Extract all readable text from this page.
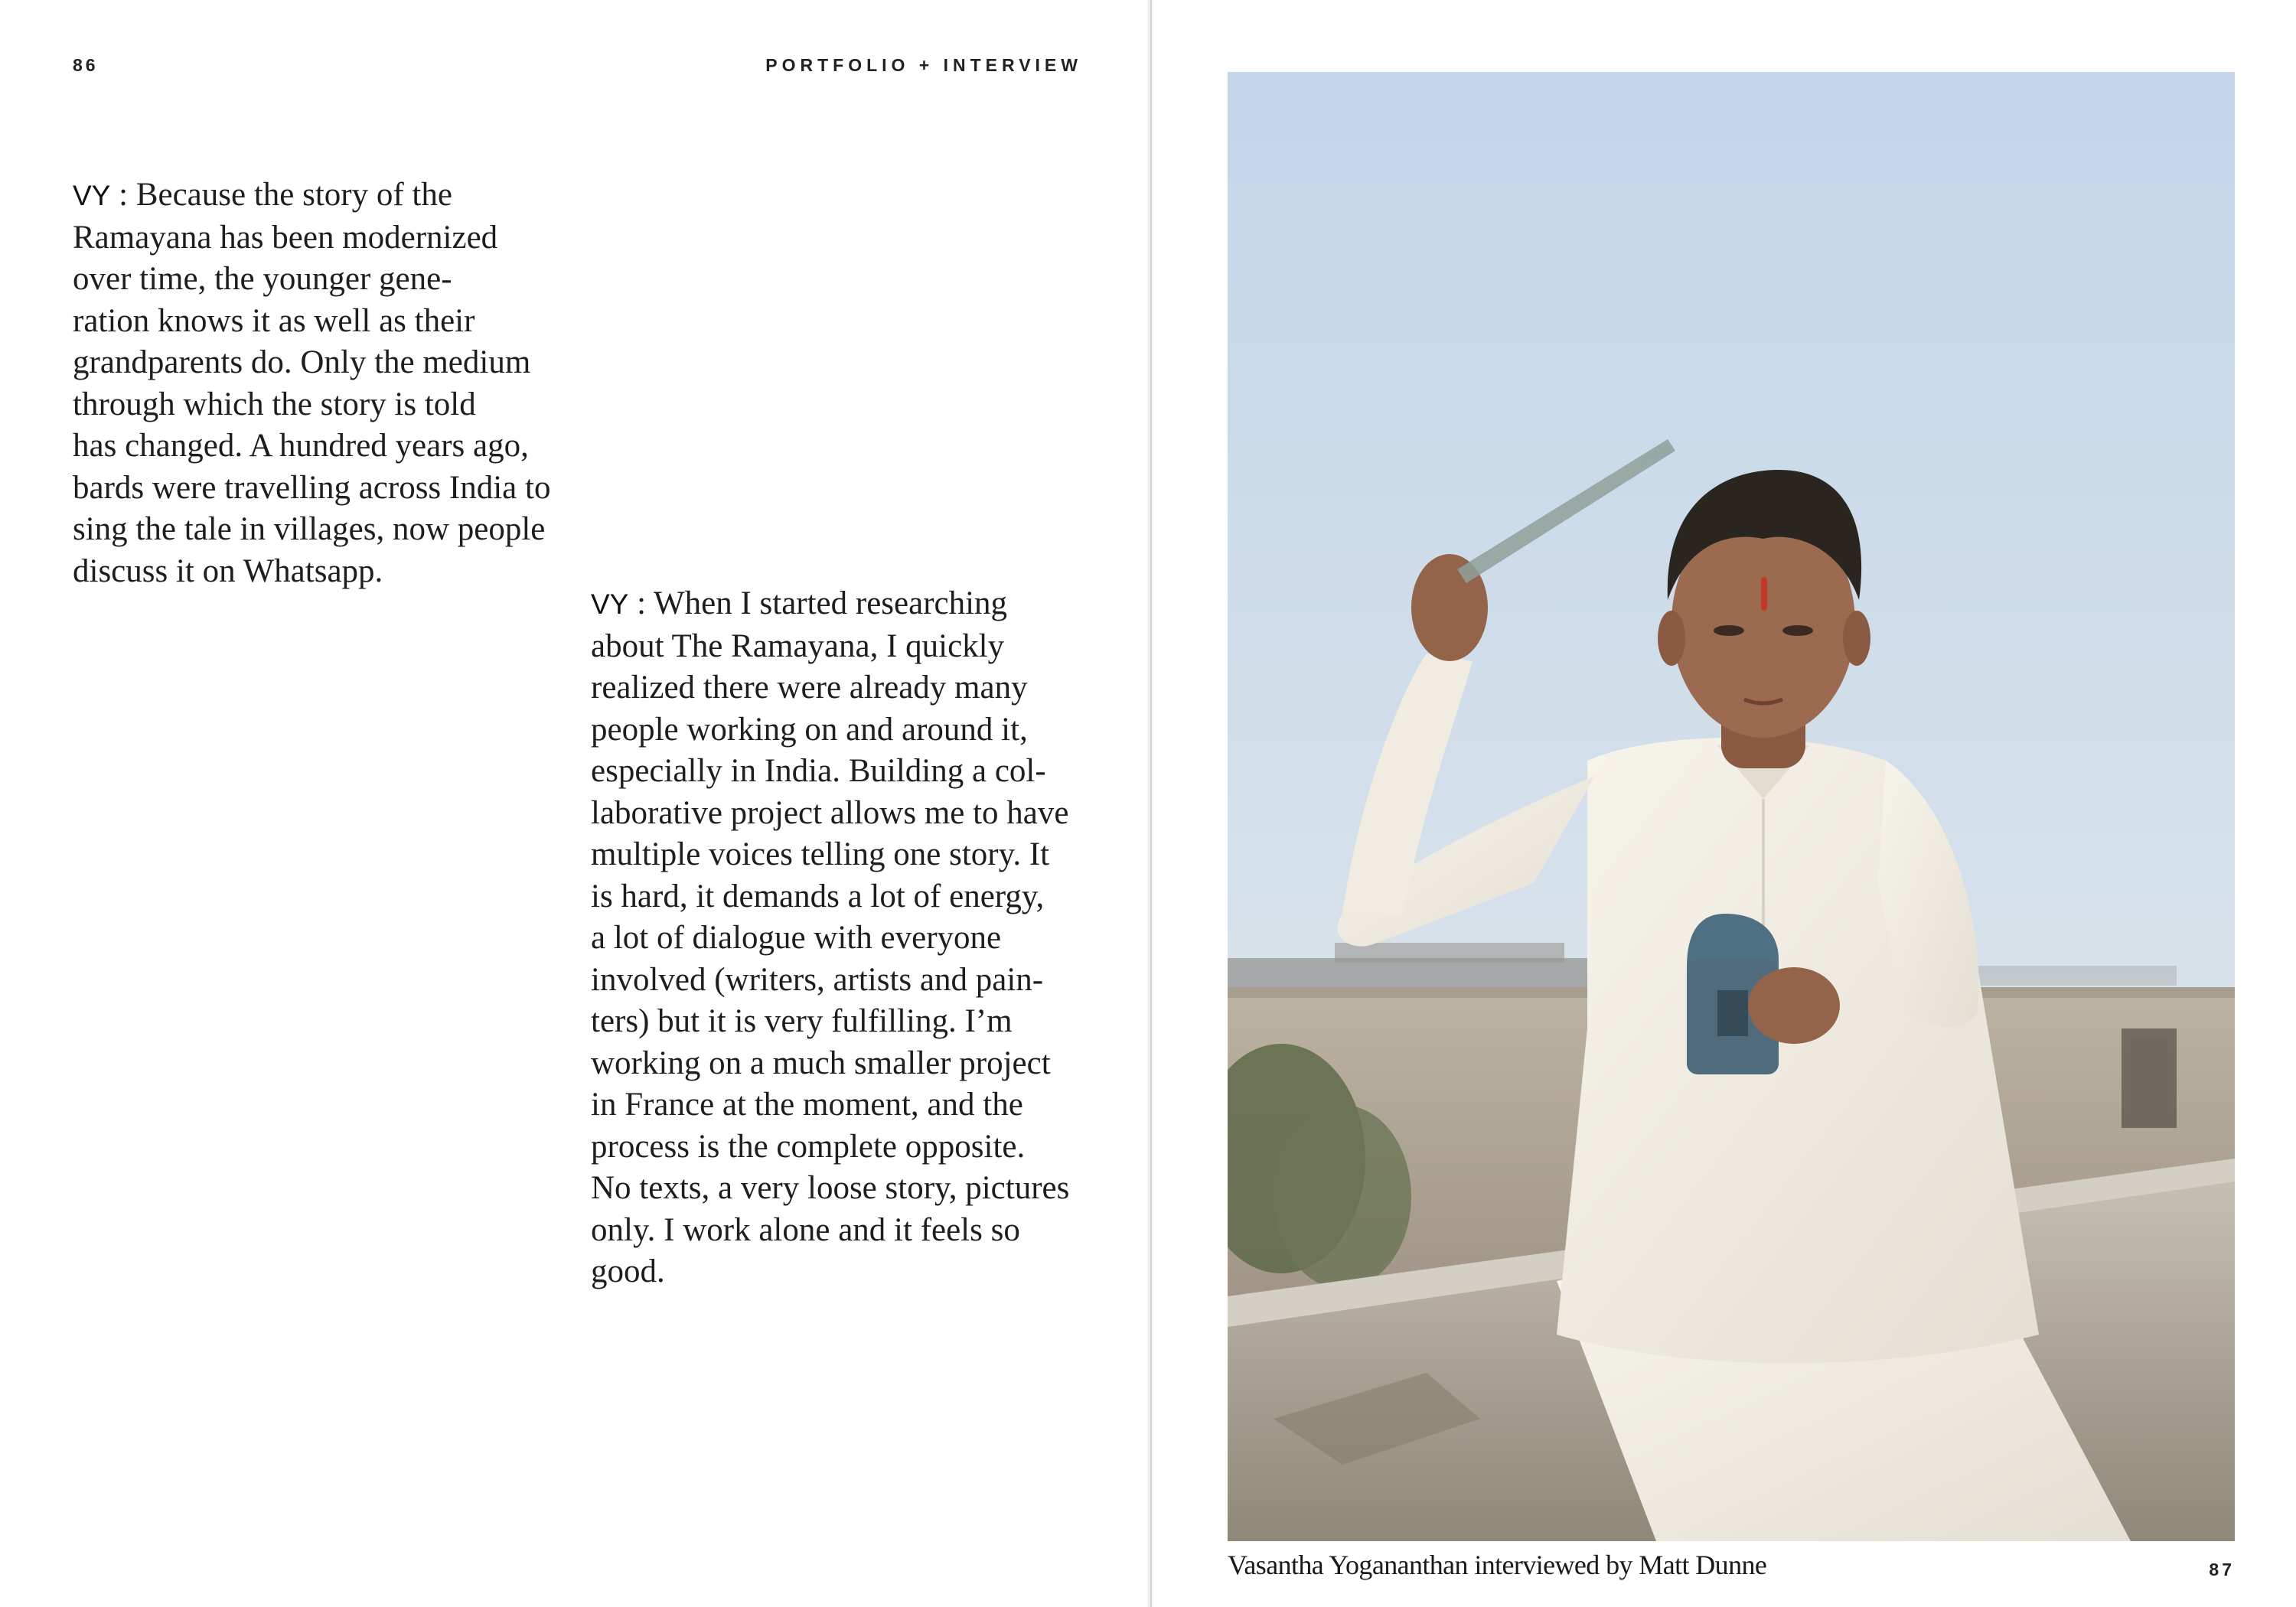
86	PORTFOLIO + INTERVIEW
VY : Because the story of the
Ramayana has been modernized
over time, the younger gene-
ration knows it as well as their
grandparents do. Only the medium
through which the story is told
has changed. A hundred years ago,
bards were travelling across India to
sing the tale in villages, now people
discuss it on Whatsapp.
VY : When I started researching
about The Ramayana, I quickly
realized there were already many
people working on and around it,
especially in India. Building a col-
laborative project allows me to have
multiple voices telling one story. It
is hard, it demands a lot of energy,
a lot of dialogue with everyone
involved (writers, artists and pain-
ters) but it is very fulfilling. I’m
working on a much smaller project
in France at the moment, and the
process is the complete opposite.
No texts, a very loose story, pictures
only. I work alone and it feels so
good.
Vasantha Yogananthan interviewed by Matt Dunne	87
